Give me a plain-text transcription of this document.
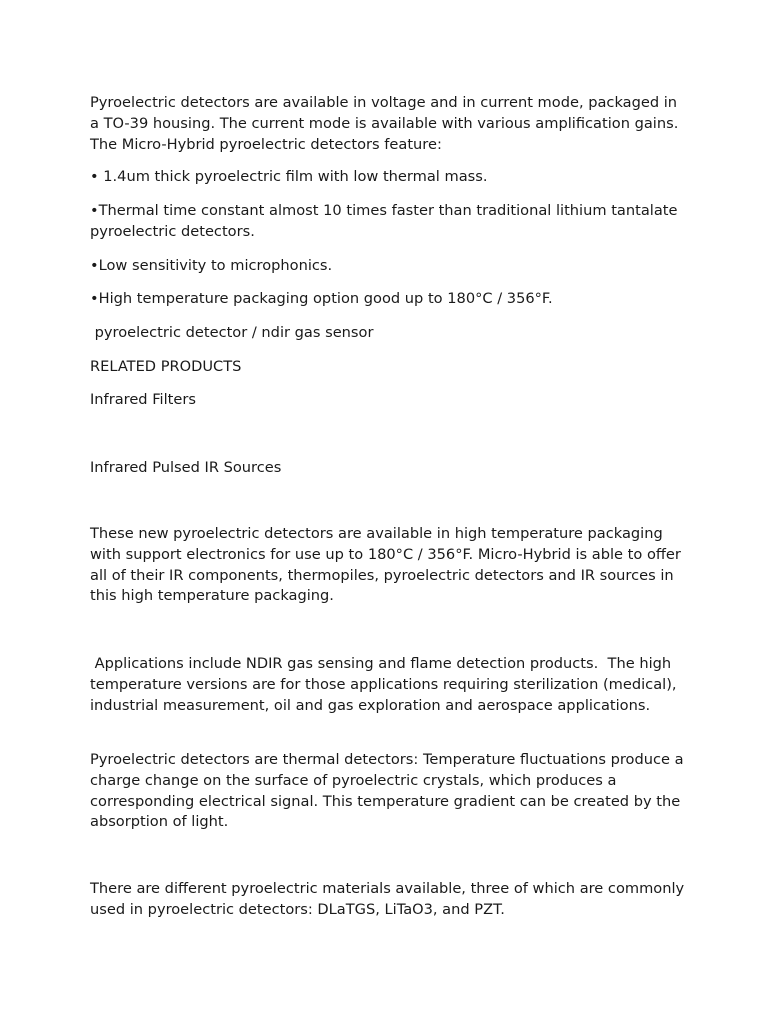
Pyroelectric detectors are available in voltage and in current mode, packaged in a TO-39 housing. The current mode is available with various amplification gains. The Micro-Hybrid pyroelectric detectors feature:

• 1.4um thick pyroelectric film with low thermal mass.

•Thermal time constant almost 10 times faster than traditional lithium tantalate pyroelectric detectors.

•Low sensitivity to microphonics.

•High temperature packaging option good up to 180°C / 356°F.

pyroelectric detector / ndir gas sensor

RELATED PRODUCTS

Infrared Filters

Infrared Pulsed IR Sources

These new pyroelectric detectors are available in high temperature packaging with support electronics for use up to 180°C / 356°F. Micro-Hybrid is able to offer all of their IR components, thermopiles, pyroelectric detectors and IR sources in this high temperature packaging.

Applications include NDIR gas sensing and flame detection products.  The high temperature versions are for those applications requiring sterilization (medical), industrial measurement, oil and gas exploration and aerospace applications.

Pyroelectric detectors are thermal detectors: Temperature fluctuations produce a charge change on the surface of pyroelectric crystals, which produces a corresponding electrical signal. This temperature gradient can be created by the absorption of light.

There are different pyroelectric materials available, three of which are commonly used in pyroelectric detectors: DLaTGS, LiTaO3, and PZT.
